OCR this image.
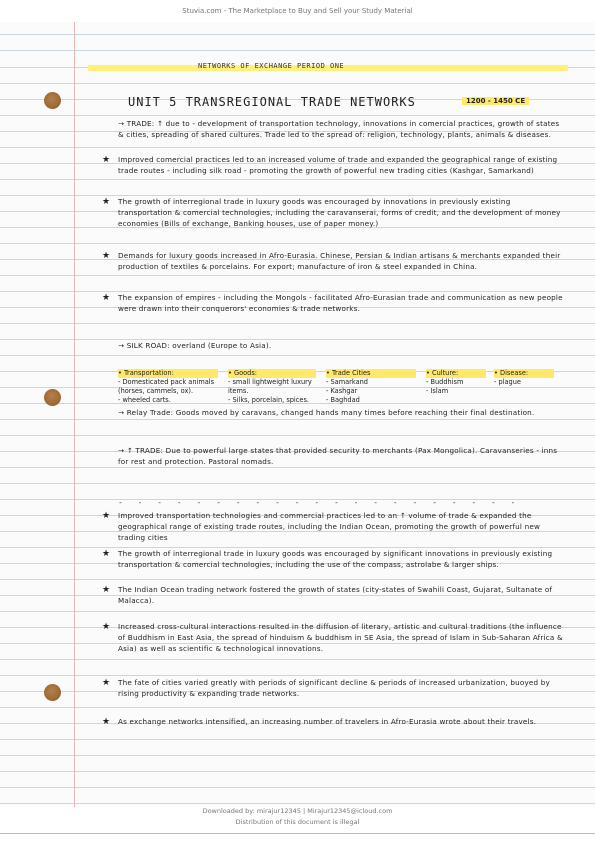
Stuvia.com - The Marketplace to Buy and Sell your Study Material
NETWORKS OF EXCHANGE PERIOD ONE
UNIT 5 TRANSREGIONAL TRADE NETWORKS	1200 - 1450 CE
→ TRADE: ↑ due to - development of transportation technology, innovations in comercial practices, growth of states & cities, spreading of shared cultures. Trade led to the spread of: religion, technology, plants, animals & diseases.
★ Improved comercial practices led to an increased volume of trade and expanded the geographical range of existing trade routes - including silk road - promoting the growth of powerful new trading cities (Kashgar, Samarkand)
★ The growth of interregional trade in luxury goods was encouraged by innovations in previously existing transportation & comercial technologies, including the caravanserai, forms of credit, and the development of money economies (Bills of exchange, Banking houses, use of paper money.)
★ Demands for luxury goods increased in Afro-Eurasia. Chinese, Persian & Indian artisans & merchants expanded their production of textiles & porcelains. For export; manufacture of iron & steel expanded in China.
★ The expansion of empires - including the Mongols - facilitated Afro-Eurasian trade and communication as new people were drawn into their conquerors' economies & trade networks.
→ SILK ROAD: overland (Europe to Asia).
• Transportation:
- Domesticated pack animals (horses, cammels, ox).
- wheeled carts.
• Goods:
- small lightweight luxury items.
- Silks, porcelain, spices.
• Trade Cities
- Samarkand
- Kashgar
- Baghdad
• Culture:
- Buddhism
- Islam
• Disease:
- plague
→ Relay Trade: Goods moved by caravans, changed hands many times before reaching their final destination.
→ ↑ TRADE: Due to powerful large states that provided security to merchants (Pax Mongolica). Caravanseries - inns for rest and protection. Pastoral nomads.
- - - - - - - - - - - - - - - - - - - - -
★ Improved transportation technologies and commercial practices led to an ↑ volume of trade & expanded the geographical range of existing trade routes, including the Indian Ocean, promoting the growth of powerful new trading cities
★ The growth of interregional trade in luxury goods was encouraged by significant innovations in previously existing transportation & comercial technologies, including the use of the compass, astrolabe & larger ships.
★ The Indian Ocean trading network fostered the growth of states (city-states of Swahili Coast, Gujarat, Sultanate of Malacca).
★ Increased cross-cultural interactions resulted in the diffusion of literary, artistic and cultural traditions (the influence of Buddhism in East Asia, the spread of hinduism & buddhism in SE Asia, the spread of Islam in Sub-Saharan Africa & Asia) as well as scientific & technological innovations.
★ The fate of cities varied greatly with periods of significant decline & periods of increased urbanization, buoyed by rising productivity & expanding trade networks.
★ As exchange networks intensified, an increasing number of travelers in Afro-Eurasia wrote about their travels.
Downloaded by: mirajur12345 | Mirajur12345@icloud.com
Distribution of this document is illegal
